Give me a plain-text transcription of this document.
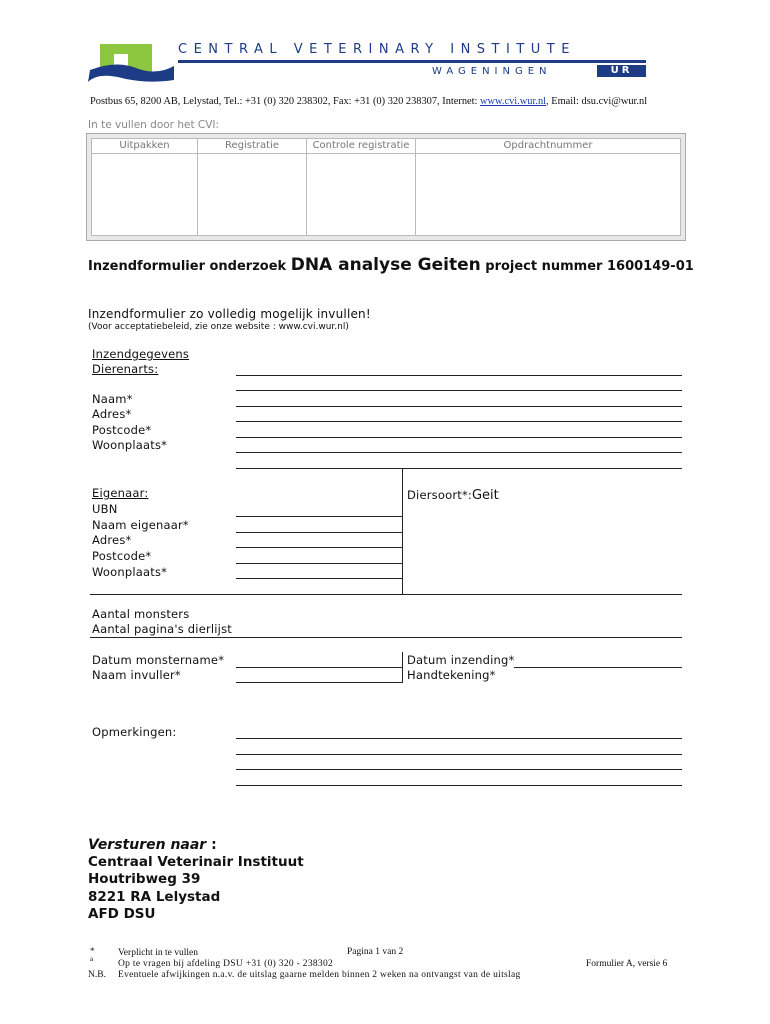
CENTRAL VETERINARY INSTITUTE
WAGENINGEN	UR
Postbus 65, 8200 AB, Lelystad, Tel.: +31 (0) 320 238302, Fax: +31 (0) 320 238307, Internet: www.cvi.wur.nl, Email: dsu.cvi@wur.nl
In te vullen door het CVI:
Uitpakken	Registratie	Controle registratie	Opdrachtnummer
Inzendformulier onderzoek DNA analyse Geiten project nummer 1600149-01
Inzendformulier zo volledig mogelijk invullen!
(Voor acceptatiebeleid, zie onze website : www.cvi.wur.nl)
Inzendgegevens
Dierenarts:
Naam*
Adres*
Postcode*
Woonplaats*
Eigenaar:
UBN
Naam eigenaar*
Adres*
Postcode*
Woonplaats*
Diersoort*:Geit
Aantal monsters
Aantal pagina's dierlijst
Datum monstername*
Naam invuller*
Datum inzending*
Handtekening*
Opmerkingen:
Versturen naar :
Centraal Veterinair Instituut
Houtribweg 39
8221 RA Lelystad
AFD DSU
* Verplicht in te vullen
a	Op te vragen bij afdeling DSU +31 (0) 320 - 238302
N.B. Eventuele afwijkingen n.a.v. de uitslag gaarne melden binnen 2 weken na ontvangst van de uitslag
Pagina 1 van 2
Formulier A, versie 6
